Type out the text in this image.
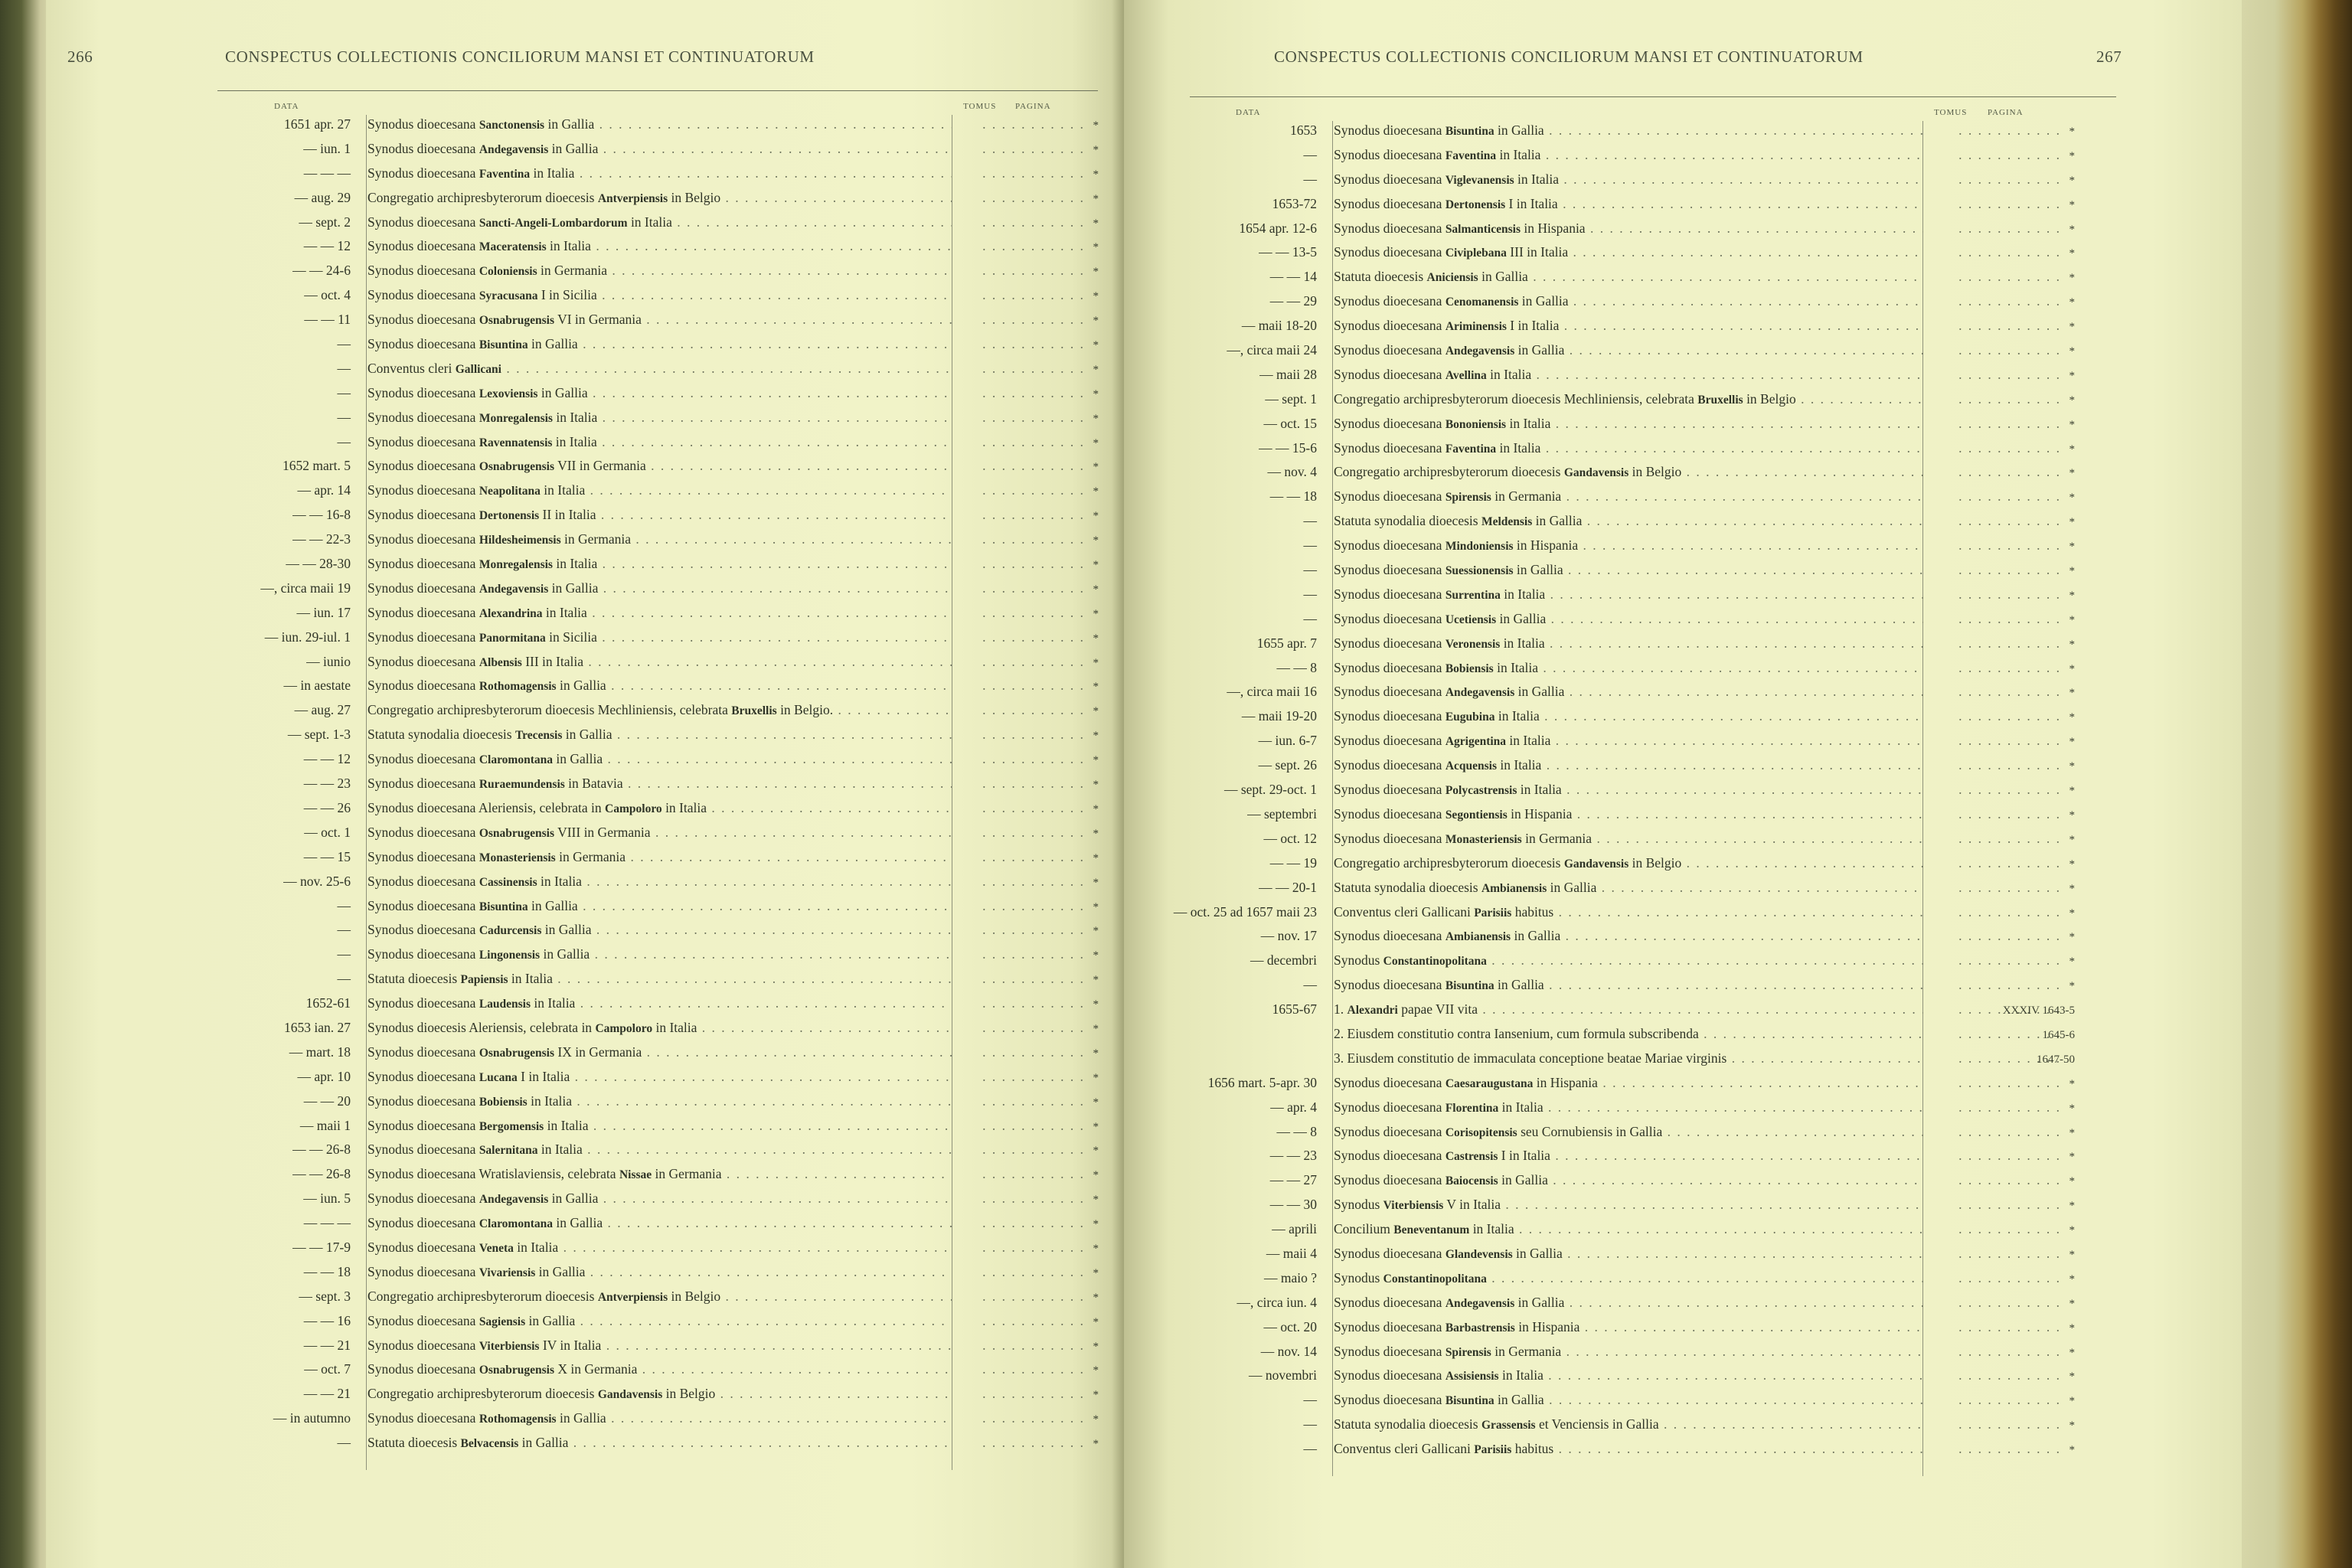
266	CONSPECTUS COLLECTIONIS CONCILIORUM MANSI ET CONTINUATORUM
DATA	TOMUS PAGINA
1651 apr. 27	Synodus dioecesana Sanctonensis in Gallia . . .	. . . *
— iun. 1	Synodus dioecesana Andegavensis in Gallia . . .	. . . *
— — —	Synodus dioecesana Faventina in Italia . . .	. . . *
— aug. 29	Congregatio archipresbyterorum dioecesis Antverpiensis in Belgio . . .	. . . *
— sept. 2	Synodus dioecesana Sancti-Angeli-Lombardorum in Italia . . .	. . . *
— — 12	Synodus dioecesana Maceratensis in Italia . . .	. . . *
— — 24-6	Synodus dioecesana Coloniensis in Germania . . .	. . . *
— oct. 4	Synodus dioecesana Syracusana I in Sicilia . . .	. . . *
— — 11	Synodus dioecesana Osnabrugensis VI in Germania . . .	. . . *
—	Synodus dioecesana Bisuntina in Gallia . . .	. . . *
—	Conventus cleri Gallicani . . .	. . . *
—	Synodus dioecesana Lexoviensis in Gallia . . .	. . . *
—	Synodus dioecesana Monregalensis in Italia . . .	. . . *
—	Synodus dioecesana Ravennatensis in Italia . . .	. . . *
1652 mart. 5	Synodus dioecesana Osnabrugensis VII in Germania . . .	. . . *
— apr. 14	Synodus dioecesana Neapolitana in Italia . . .	. . . *
— — 16-8	Synodus dioecesana Dertonensis II in Italia . . .	. . . *
— — 22-3	Synodus dioecesana Hildesheimensis in Germania . . .	. . . *
— — 28-30	Synodus dioecesana Monregalensis in Italia . . .	. . . *
—, circa maii 19	Synodus dioecesana Andegavensis in Gallia . . .	. . . *
— iun. 17	Synodus dioecesana Alexandrina in Italia . . .	. . . *
— iun. 29-iul. 1	Synodus dioecesana Panormitana in Sicilia . . .	. . . *
— iunio	Synodus dioecesana Albensis III in Italia . . .	. . . *
— in aestate	Synodus dioecesana Rothomagensis in Gallia . . .	. . . *
— aug. 27	Congregatio archipresbyterorum dioecesis Mechliniensis, celebrata Bruxellis in Belgio. . . .	. . . *
— sept. 1-3	Statuta synodalia dioecesis Trecensis in Gallia . . .	. . . *
— — 12	Synodus dioecesana Claromontana in Gallia . . .	. . . *
— — 23	Synodus dioecesana Ruraemundensis in Batavia . . .	. . . *
— — 26	Synodus dioecesana Aleriensis, celebrata in Campoloro in Italia . . .	. . . *
— oct. 1	Synodus dioecesana Osnabrugensis VIII in Germania . . .	. . . *
— — 15	Synodus dioecesana Monasteriensis in Germania . . .	. . . *
— nov. 25-6	Synodus dioecesana Cassinensis in Italia . . .	. . . *
—	Synodus dioecesana Bisuntina in Gallia . . .	. . . *
—	Synodus dioecesana Cadurcensis in Gallia . . .	. . . *
—	Synodus dioecesana Lingonensis in Gallia . . .	. . . *
—	Statuta dioecesis Papiensis in Italia . . .	. . . *
1652-61	Synodus dioecesana Laudensis in Italia . . .	. . . *
1653 ian. 27	Synodus dioecesis Aleriensis, celebrata in Campoloro in Italia . . .	. . . *
— mart. 18	Synodus dioecesana Osnabrugensis IX in Germania . . .	. . . *
— apr. 10	Synodus dioecesana Lucana I in Italia . . .	. . . *
— — 20	Synodus dioecesana Bobiensis in Italia . . .	. . . *
— maii 1	Synodus dioecesana Bergomensis in Italia . . .	. . . *
— — 26-8	Synodus dioecesana Salernitana in Italia . . .	. . . *
— — 26-8	Synodus dioecesana Wratislaviensis, celebrata Nissae in Germania . . .	. . . *
— iun. 5	Synodus dioecesana Andegavensis in Gallia . . .	. . . *
— — —	Synodus dioecesana Claromontana in Gallia . . .	. . . *
— — 17-9	Synodus dioecesana Veneta in Italia . . .	. . . *
— — 18	Synodus dioecesana Vivariensis in Gallia . . .	. . . *
— sept. 3	Congregatio archipresbyterorum dioecesis Antverpiensis in Belgio . . .	. . . *
— — 16	Synodus dioecesana Sagiensis in Gallia . . .	. . . *
— — 21	Synodus dioecesana Viterbiensis IV in Italia . . .	. . . *
— oct. 7	Synodus dioecesana Osnabrugensis X in Germania . . .	. . . *
— — 21	Congregatio archipresbyterorum dioecesis Gandavensis in Belgio . . .	. . . *
— in autumno	Synodus dioecesana Rothomagensis in Gallia . . .	. . . *
—	Statuta dioecesis Belvacensis in Gallia . . .	. . . *
CONSPECTUS COLLECTIONIS CONCILIORUM MANSI ET CONTINUATORUM	267
DATA	TOMUS PAGINA
1653	Synodus dioecesana Bisuntina in Gallia . . .	. . . *
—	Synodus dioecesana Faventina in Italia . . .	. . . *
—	Synodus dioecesana Viglevanensis in Italia . . .	. . . *
1653-72	Synodus dioecesana Dertonensis I in Italia . . .	. . . *
1654 apr. 12-6	Synodus dioecesana Salmanticensis in Hispania . . .	. . . *
— — 13-5	Synodus dioecesana Civiplebana III in Italia . . .	. . . *
— — 14	Statuta dioecesis Aniciensis in Gallia . . .	. . . *
— — 29	Synodus dioecesana Cenomanensis in Gallia . . .	. . . *
— maii 18-20	Synodus dioecesana Ariminensis I in Italia . . .	. . . *
—, circa maii 24	Synodus dioecesana Andegavensis in Gallia . . .	. . . *
— maii 28	Synodus dioecesana Avellina in Italia . . .	. . . *
— sept. 1	Congregatio archipresbyterorum dioecesis Mechliniensis, celebrata Bruxellis in Belgio . . .	. . . *
— oct. 15	Synodus dioecesana Bononiensis in Italia . . .	. . . *
— — 15-6	Synodus dioecesana Faventina in Italia . . .	. . . *
— nov. 4	Congregatio archipresbyterorum dioecesis Gandavensis in Belgio . . .	. . . *
— — 18	Synodus dioecesana Spirensis in Germania . . .	. . . *
—	Statuta synodalia dioecesis Meldensis in Gallia . . .	. . . *
—	Synodus dioecesana Mindoniensis in Hispania . . .	. . . *
—	Synodus dioecesana Suessionensis in Gallia . . .	. . . *
—	Synodus dioecesana Surrentina in Italia . . .	. . . *
—	Synodus dioecesana Ucetiensis in Gallia . . .	. . . *
1655 apr. 7	Synodus dioecesana Veronensis in Italia . . .	. . . *
— — 8	Synodus dioecesana Bobiensis in Italia . . .	. . . *
—, circa maii 16	Synodus dioecesana Andegavensis in Gallia . . .	. . . *
— maii 19-20	Synodus dioecesana Eugubina in Italia . . .	. . . *
— iun. 6-7	Synodus dioecesana Agrigentina in Italia . . .	. . . *
— sept. 26	Synodus dioecesana Acquensis in Italia . . .	. . . *
— sept. 29-oct. 1	Synodus dioecesana Polycastrensis in Italia . . .	. . . *
— septembri	Synodus dioecesana Segontiensis in Hispania . . .	. . . *
— oct. 12	Synodus dioecesana Monasteriensis in Germania . . .	. . . *
— — 19	Congregatio archipresbyterorum dioecesis Gandavensis in Belgio . . .	. . . *
— — 20-1	Statuta synodalia dioecesis Ambianensis in Gallia . . .	. . . *
— oct. 25 ad 1657 maii 23	Conventus cleri Gallicani Parisiis habitus . . .	. . . *
— nov. 17	Synodus dioecesana Ambianensis in Gallia . . .	. . . *
— decembri	Synodus Constantinopolitana . . .	. . . *
—	Synodus dioecesana Bisuntina in Gallia . . .	. . . *
1655-67	1. Alexandri papae VII vita . . .	. . . XXXIV 1643-5
2. Eiusdem constitutio contra Iansenium, cum formula subscribenda . . .	. . . 1645-6
3. Eiusdem constitutio de immaculata conceptione beatae Mariae virginis . . .	. . . 1647-50
1656 mart. 5-apr. 30	Synodus dioecesana Caesaraugustana in Hispania . . .	. . . *
— apr. 4	Synodus dioecesana Florentina in Italia . . .	. . . *
— — 8	Synodus dioecesana Corisopitensis seu Cornubiensis in Gallia . . .	. . . *
— — 23	Synodus dioecesana Castrensis I in Italia . . .	. . . *
— — 27	Synodus dioecesana Baiocensis in Gallia . . .	. . . *
— — 30	Synodus Viterbiensis V in Italia . . .	. . . *
— aprili	Concilium Beneventanum in Italia . . .	. . . *
— maii 4	Synodus dioecesana Glandevensis in Gallia . . .	. . . *
— maio ?	Synodus Constantinopolitana . . .	. . . *
—, circa iun. 4	Synodus dioecesana Andegavensis in Gallia . . .	. . . *
— oct. 20	Synodus dioecesana Barbastrensis in Hispania . . .	. . . *
— nov. 14	Synodus dioecesana Spirensis in Germania . . .	. . . *
— novembri	Synodus dioecesana Assisiensis in Italia . . .	. . . *
—	Synodus dioecesana Bisuntina in Gallia . . .	. . . *
—	Statuta synodalia dioecesis Grassensis et Venciensis in Gallia . . .	. . . *
—	Conventus cleri Gallicani Parisiis habitus . . .	. . . *
